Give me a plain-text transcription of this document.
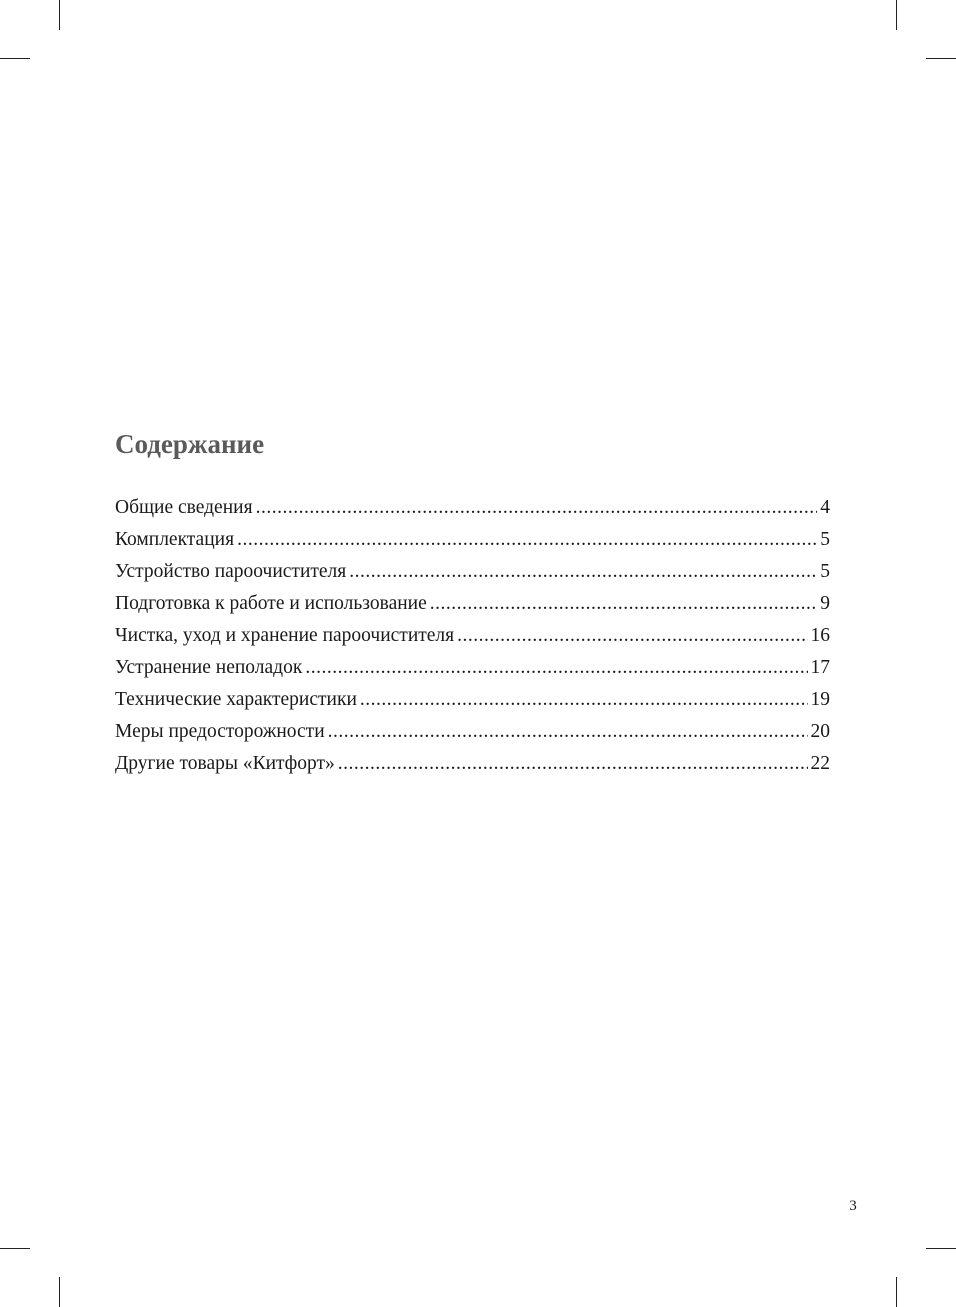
Содержание
Общие сведения .....	4
Комплектация .....	5
Устройство пароочистителя .....	5
Подготовка к работе и использование .....	9
Чистка, уход и хранение пароочистителя .....	16
Устранение неполадок .....	17
Технические характеристики .....	19
Меры предосторожности .....	20
Другие товары «Китфорт» .....	22
3
